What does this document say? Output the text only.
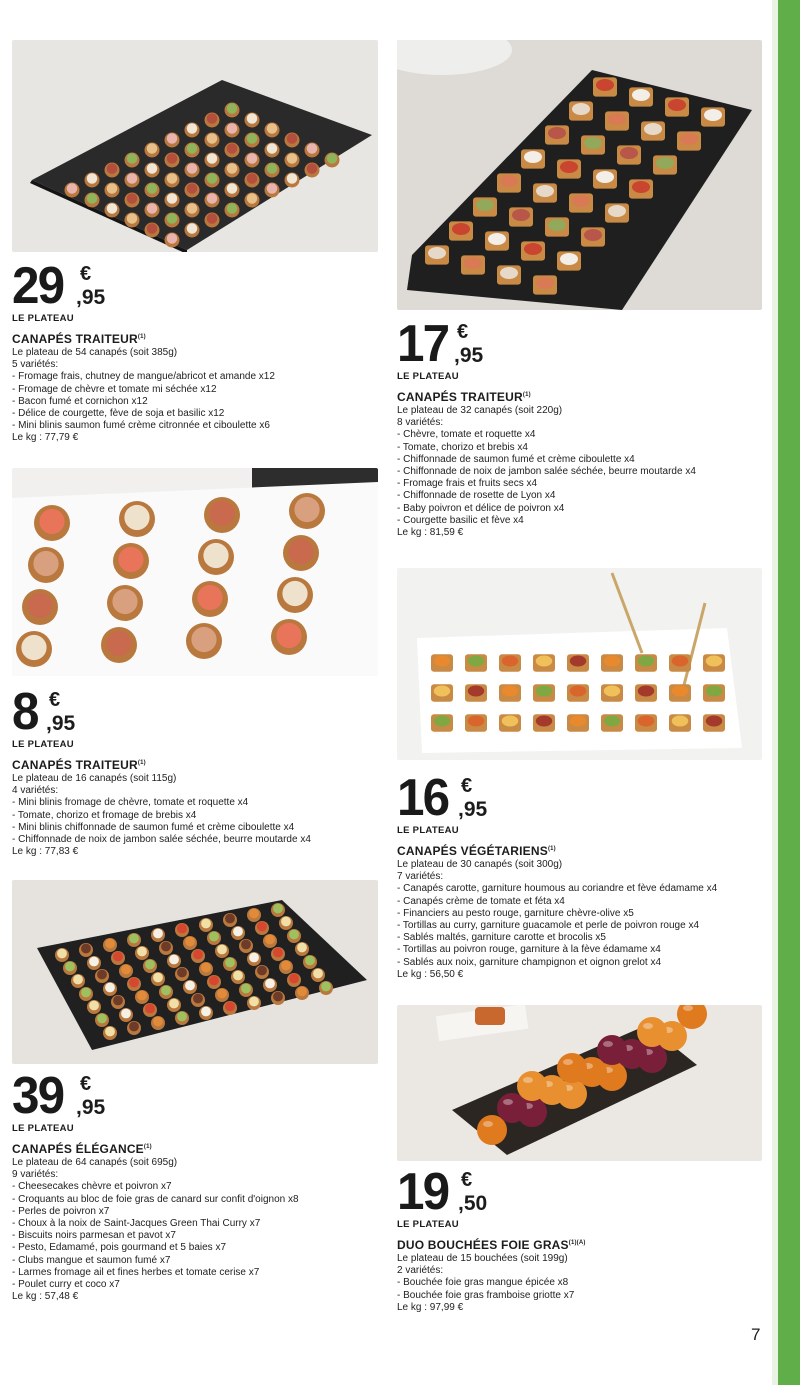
29 €
,95
LE PLATEAU
CANAPÉS TRAITEUR$^{(1)}$
Le plateau de 54 canapés (soit 385g)
5 variétés:
- Fromage frais, chutney de mangue/abricot et amande x12
- Fromage de chèvre et tomate mi séchée x12
- Bacon fumé et cornichon x12
- Délice de courgette, fève de soja et basilic x12
- Mini blinis saumon fumé crème citronnée et ciboulette x6
Le kg : 77,79 €
8 €
,95
LE PLATEAU
CANAPÉS TRAITEUR$^{(1)}$
Le plateau de 16 canapés (soit 115g)
4 variétés:
- Mini blinis fromage de chèvre, tomate et roquette x4
- Tomate, chorizo et fromage de brebis x4
- Mini blinis chiffonnade de saumon fumé et crème ciboulette x4
- Chiffonnade de noix de jambon salée séchée, beurre moutarde x4
Le kg : 77,83 €
39 €
,95
LE PLATEAU
CANAPÉS ÉLÉGANCE$^{(1)}$
Le plateau de 64 canapés (soit 695g)
9 variétés:
- Cheesecakes chèvre et poivron x7
- Croquants au bloc de foie gras de canard sur confit d'oignon x8
- Perles de poivron x7
- Choux à la noix de Saint-Jacques Green Thai Curry x7
- Biscuits noirs parmesan et pavot x7
- Pesto, Edamamé, pois gourmand et 5 baies x7
- Clubs mangue et saumon fumé x7
- Larmes fromage ail et fines herbes et tomate cerise x7
- Poulet curry et coco x7
Le kg : 57,48 €
17 €
,95
LE PLATEAU
CANAPÉS TRAITEUR$^{(1)}$
Le plateau de 32 canapés (soit 220g)
8 variétés:
- Chèvre, tomate et roquette x4
- Tomate, chorizo et brebis x4
- Chiffonnade de saumon fumé et crème ciboulette x4
- Chiffonnade de noix de jambon salée séchée, beurre moutarde x4
- Fromage frais et fruits secs x4
- Chiffonnade de rosette de Lyon x4
- Baby poivron et délice de poivron x4
- Courgette basilic et fève x4
Le kg : 81,59 €
16 €
,95
LE PLATEAU
CANAPÉS VÉGÉTARIENS$^{(1)}$
Le plateau de 30 canapés (soit 300g)
7 variétés:
- Canapés carotte, garniture houmous au coriandre et fève édamame x4
- Canapés crème de tomate et féta x4
- Financiers au pesto rouge, garniture chèvre-olive x5
- Tortillas au curry, garniture guacamole et perle de poivron rouge x4
- Sablés maltés, garniture carotte et brocolis x5
- Tortillas au poivron rouge, garniture à la fève édamame x4
- Sablés aux noix, garniture champignon et oignon grelot x4
Le kg : 56,50 €
19 €
,50
LE PLATEAU
DUO BOUCHÉES FOIE $GRAS^{(1)(A)}$
Le plateau de 15 bouchées (soit 199g)
2 variétés:
- Bouchée foie gras mangue épicée x8
- Bouchée foie gras framboise griotte x7
Le kg : 97,99 €
7
